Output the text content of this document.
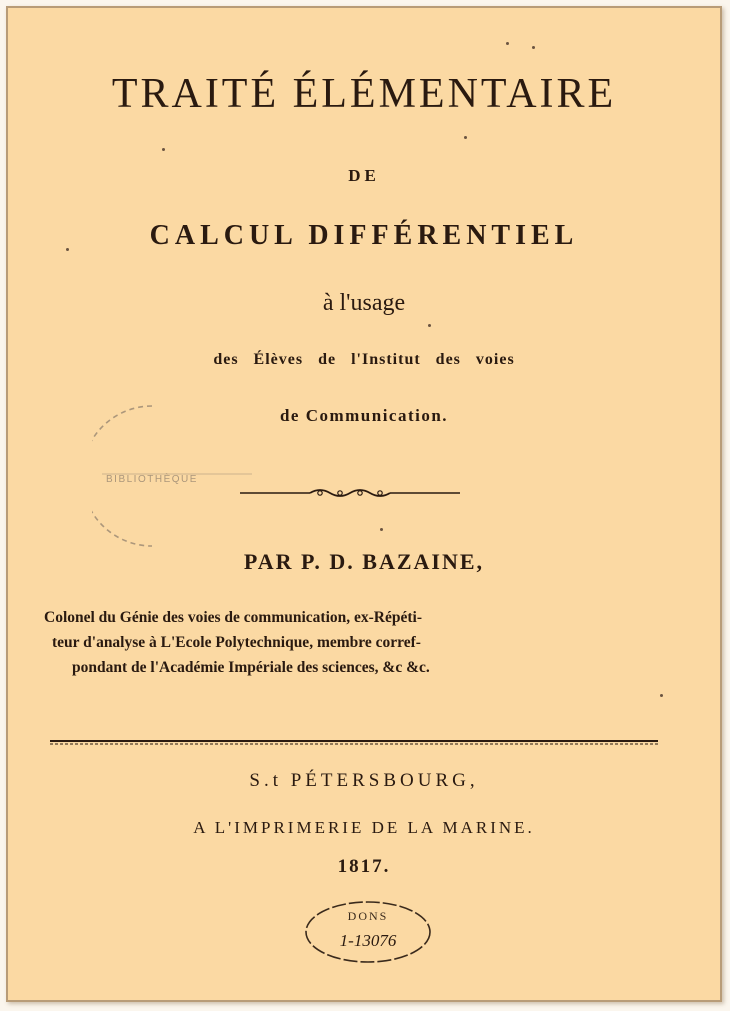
TRAITÉ ÉLÉMENTAIRE
DE
CALCUL DIFFÉRENTIEL
à l'usage
des Élèves de l'Institut des voies
de Communication.
PAR P. D. BAZAINE,
Colonel du Génie des voies de communication, ex-Répéti-
teur d'analyse à L'Ecole Polytechnique, membre corref-
pondant de l'Académie Impériale des sciences, &c &c.
S.t PÉTERSBOURG,
A L'IMPRIMERIE DE LA MARINE.
1817.
BIBLIOTHÈQUE
DONS
1-13076
